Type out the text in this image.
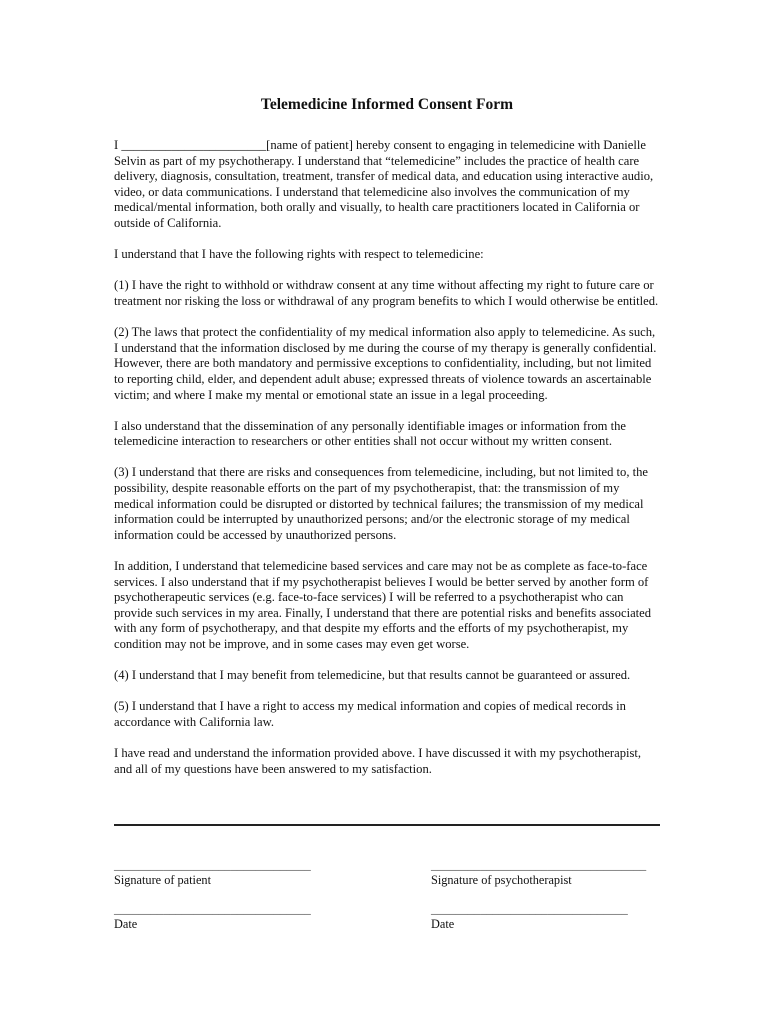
Telemedicine Informed Consent Form

I _______________________[name of patient] hereby consent to engaging in telemedicine with Danielle Selvin as part of my psychotherapy. I understand that “telemedicine” includes the practice of health care delivery, diagnosis, consultation, treatment, transfer of medical data, and education using interactive audio, video, or data communications. I understand that telemedicine also involves the communication of my medical/mental information, both orally and visually, to health care practitioners located in California or outside of California.

I understand that I have the following rights with respect to telemedicine:

(1) I have the right to withhold or withdraw consent at any time without affecting my right to future care or treatment nor risking the loss or withdrawal of any program benefits to which I would otherwise be entitled.

(2) The laws that protect the confidentiality of my medical information also apply to telemedicine. As such, I understand that the information disclosed by me during the course of my therapy is generally confidential. However, there are both mandatory and permissive exceptions to confidentiality, including, but not limited to reporting child, elder, and dependent adult abuse; expressed threats of violence towards an ascertainable victim; and where I make my mental or emotional state an issue in a legal proceeding.

I also understand that the dissemination of any personally identifiable images or information from the telemedicine interaction to researchers or other entities shall not occur without my written consent.

(3) I understand that there are risks and consequences from telemedicine, including, but not limited to, the possibility, despite reasonable efforts on the part of my psychotherapist, that: the transmission of my medical information could be disrupted or distorted by technical failures; the transmission of my medical information could be interrupted by unauthorized persons; and/or the electronic storage of my medical information could be accessed by unauthorized persons.

In addition, I understand that telemedicine based services and care may not be as complete as face-to-face services. I also understand that if my psychotherapist believes I would be better served by another form of psychotherapeutic services (e.g. face-to-face services) I will be referred to a psychotherapist who can provide such services in my area. Finally, I understand that there are potential risks and benefits associated with any form of psychotherapy, and that despite my efforts and the efforts of my psychotherapist, my condition may not be improve, and in some cases may even get worse.

(4) I understand that I may benefit from telemedicine, but that results cannot be guaranteed or assured.

(5) I understand that I have a right to access my medical information and copies of medical records in accordance with California law.

I have read and understand the information provided above. I have discussed it with my psychotherapist, and all of my questions have been answered to my satisfaction.

________________________________
Signature of patient
___________________________________
Signature of psychotherapist
________________________________
Date
________________________________
Date
